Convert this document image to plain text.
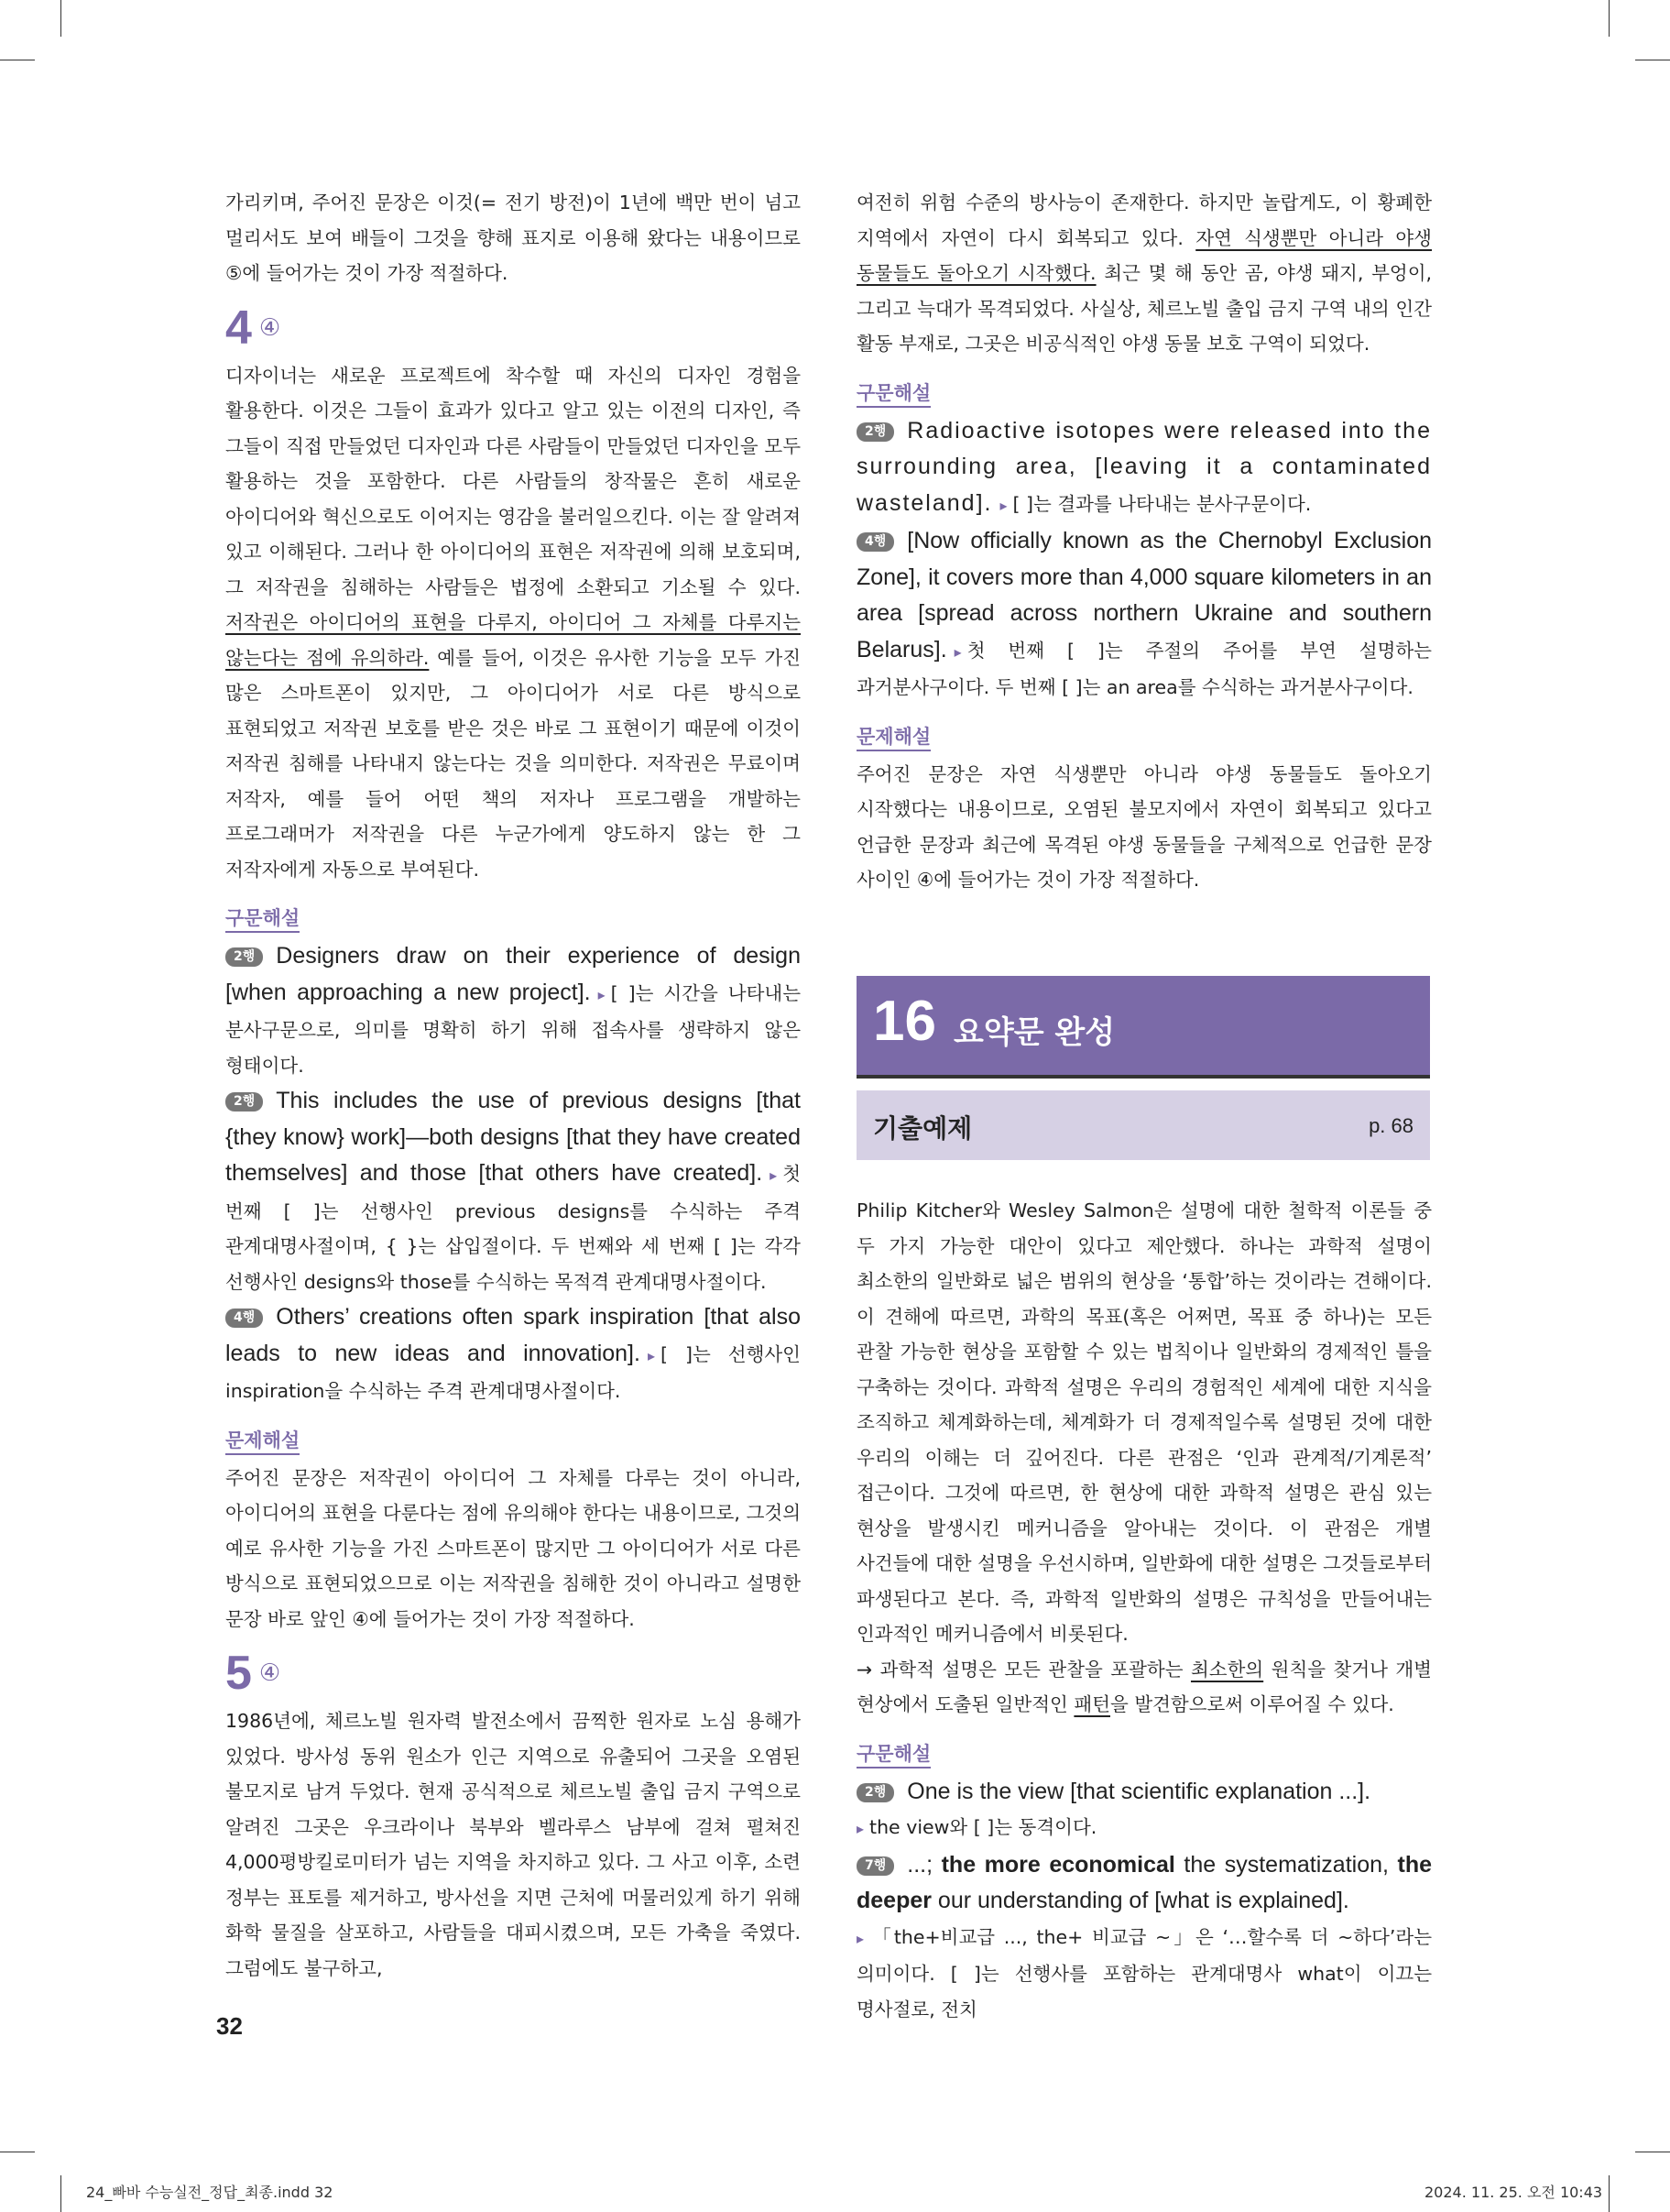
가리키며, 주어진 문장은 이것(= 전기 방전)이 1년에 백만 번이 넘고 멀리서도 보여 배들이 그것을 향해 표지로 이용해 왔다는 내용이므로 ⑤에 들어가는 것이 가장 적절하다.

4 ④

디자이너는 새로운 프로젝트에 착수할 때 자신의 디자인 경험을 활용한다. 이것은 그들이 효과가 있다고 알고 있는 이전의 디자인, 즉 그들이 직접 만들었던 디자인과 다른 사람들이 만들었던 디자인을 모두 활용하는 것을 포함한다. 다른 사람들의 창작물은 흔히 새로운 아이디어와 혁신으로도 이어지는 영감을 불러일으킨다. 이는 잘 알려져 있고 이해된다. 그러나 한 아이디어의 표현은 저작권에 의해 보호되며, 그 저작권을 침해하는 사람들은 법정에 소환되고 기소될 수 있다. 저작권은 아이디어의 표현을 다루지, 아이디어 그 자체를 다루지는 않는다는 점에 유의하라. 예를 들어, 이것은 유사한 기능을 모두 가진 많은 스마트폰이 있지만, 그 아이디어가 서로 다른 방식으로 표현되었고 저작권 보호를 받은 것은 바로 그 표현이기 때문에 이것이 저작권 침해를 나타내지 않는다는 것을 의미한다. 저작권은 무료이며 저작자, 예를 들어 어떤 책의 저자나 프로그램을 개발하는 프로그래머가 저작권을 다른 누군가에게 양도하지 않는 한 그 저작자에게 자동으로 부여된다.

구문해설

2행 Designers draw on their experience of design [when approaching a new project]. ▸ [ ]는 시간을 나타내는 분사구문으로, 의미를 명확히 하기 위해 접속사를 생략하지 않은 형태이다.

2행 This includes the use of previous designs [that {they know} work]—both designs [that they have created themselves] and those [that others have created]. ▸ 첫 번째 [ ]는 선행사인 previous designs를 수식하는 주격 관계대명사절이며, { }는 삽입절이다. 두 번째와 세 번째 [ ]는 각각 선행사인 designs와 those를 수식하는 목적격 관계대명사절이다.

4행 Others’ creations often spark inspiration [that also leads to new ideas and innovation]. ▸ [ ]는 선행사인 inspiration을 수식하는 주격 관계대명사절이다.

문제해설

주어진 문장은 저작권이 아이디어 그 자체를 다루는 것이 아니라, 아이디어의 표현을 다룬다는 점에 유의해야 한다는 내용이므로, 그것의 예로 유사한 기능을 가진 스마트폰이 많지만 그 아이디어가 서로 다른 방식으로 표현되었으므로 이는 저작권을 침해한 것이 아니라고 설명한 문장 바로 앞인 ④에 들어가는 것이 가장 적절하다.

5 ④

1986년에, 체르노빌 원자력 발전소에서 끔찍한 원자로 노심 용해가 있었다. 방사성 동위 원소가 인근 지역으로 유출되어 그곳을 오염된 불모지로 남겨 두었다. 현재 공식적으로 체르노빌 출입 금지 구역으로 알려진 그곳은 우크라이나 북부와 벨라루스 남부에 걸쳐 펼쳐진 4,000평방킬로미터가 넘는 지역을 차지하고 있다. 그 사고 이후, 소련 정부는 표토를 제거하고, 방사선을 지면 근처에 머물러있게 하기 위해 화학 물질을 살포하고, 사람들을 대피시켰으며, 모든 가축을 죽였다. 그럼에도 불구하고,

여전히 위험 수준의 방사능이 존재한다. 하지만 놀랍게도, 이 황폐한 지역에서 자연이 다시 회복되고 있다. 자연 식생뿐만 아니라 야생 동물들도 돌아오기 시작했다. 최근 몇 해 동안 곰, 야생 돼지, 부엉이, 그리고 늑대가 목격되었다. 사실상, 체르노빌 출입 금지 구역 내의 인간 활동 부재로, 그곳은 비공식적인 야생 동물 보호 구역이 되었다.

구문해설

2행 Radioactive isotopes were released into the surrounding area, [leaving it a contaminated wasteland]. ▸ [ ]는 결과를 나타내는 분사구문이다.

4행 [Now officially known as the Chernobyl Exclusion Zone], it covers more than 4,000 square kilometers in an area [spread across northern Ukraine and southern Belarus]. ▸ 첫 번째 [ ]는 주절의 주어를 부연 설명하는 과거분사구이다. 두 번째 [ ]는 an area를 수식하는 과거분사구이다.

문제해설

주어진 문장은 자연 식생뿐만 아니라 야생 동물들도 돌아오기 시작했다는 내용이므로, 오염된 불모지에서 자연이 회복되고 있다고 언급한 문장과 최근에 목격된 야생 동물들을 구체적으로 언급한 문장 사이인 ④에 들어가는 것이 가장 적절하다.

16 요약문 완성
기출예제	p. 68

Philip Kitcher와 Wesley Salmon은 설명에 대한 철학적 이론들 중 두 가지 가능한 대안이 있다고 제안했다. 하나는 과학적 설명이 최소한의 일반화로 넓은 범위의 현상을 ‘통합’하는 것이라는 견해이다. 이 견해에 따르면, 과학의 목표(혹은 어쩌면, 목표 중 하나)는 모든 관찰 가능한 현상을 포함할 수 있는 법칙이나 일반화의 경제적인 틀을 구축하는 것이다. 과학적 설명은 우리의 경험적인 세계에 대한 지식을 조직하고 체계화하는데, 체계화가 더 경제적일수록 설명된 것에 대한 우리의 이해는 더 깊어진다. 다른 관점은 ‘인과 관계적/기계론적’ 접근이다. 그것에 따르면, 한 현상에 대한 과학적 설명은 관심 있는 현상을 발생시킨 메커니즘을 알아내는 것이다. 이 관점은 개별 사건들에 대한 설명을 우선시하며, 일반화에 대한 설명은 그것들로부터 파생된다고 본다. 즉, 과학적 일반화의 설명은 규칙성을 만들어내는 인과적인 메커니즘에서 비롯된다.

→ 과학적 설명은 모든 관찰을 포괄하는 최소한의 원칙을 찾거나 개별 현상에서 도출된 일반적인 패턴을 발견함으로써 이루어질 수 있다.

구문해설

2행 One is the view [that scientific explanation ...].
▸ the view와 [ ]는 동격이다.

7행 ...; the more economical the systematization, the deeper our understanding of [what is explained].
▸ 「the+비교급 ..., the+ 비교급 ~」은 ‘…할수록 더 ~하다’라는 의미이다. [ ]는 선행사를 포함하는 관계대명사 what이 이끄는 명사절로, 전치

32
24_빠바 수능실전_정답_최종.indd 32	2024. 11. 25. 오전 10:43
